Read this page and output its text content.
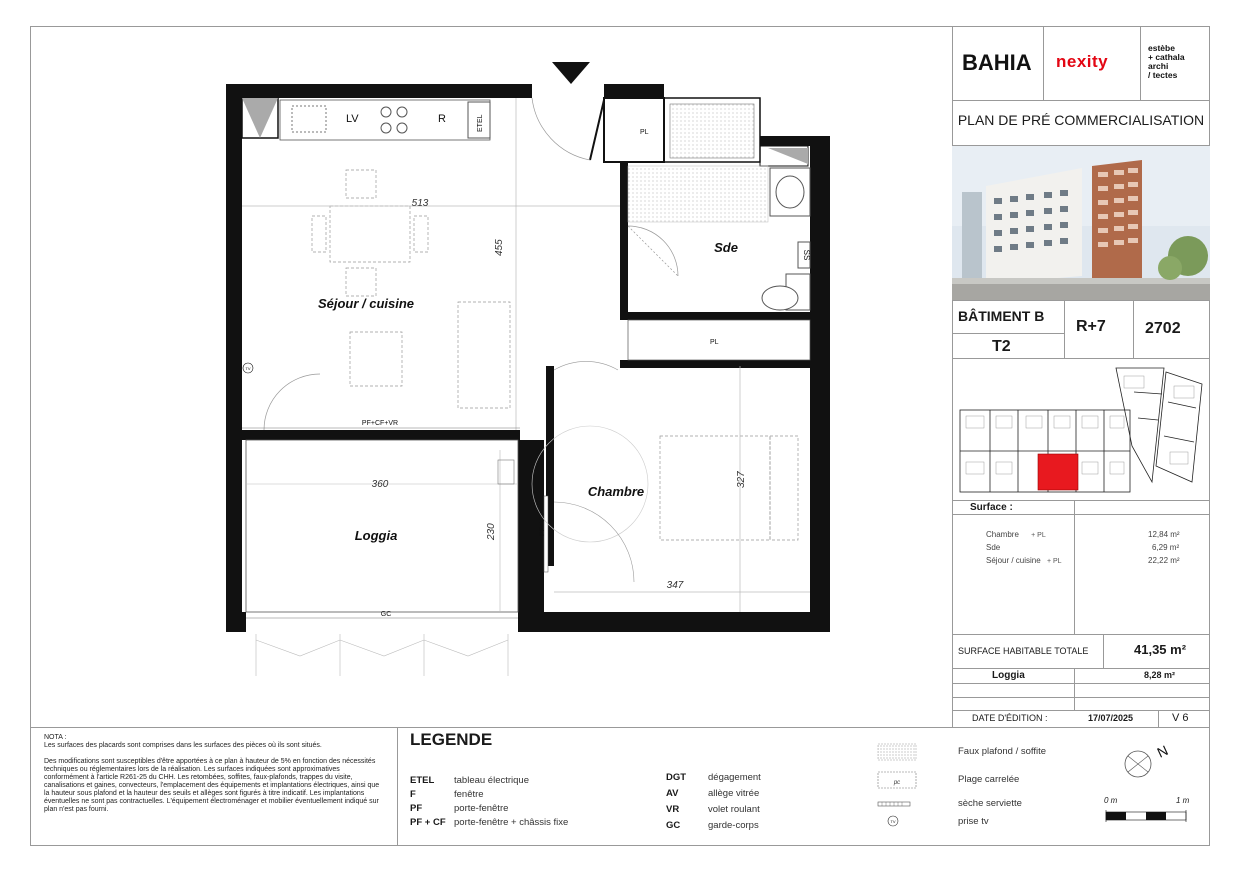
LV	R	ETEL
PL
SS
513
455
Séjour / cuisine
Sde
PL
TV
PF+CF+VR
360
230
Loggia
GC
PF+VR
327
347
Chambre
BAHIA nexity
estèbe
+ cathala
archi
/ tectes
PLAN DE PRÉ COMMERCIALISATION
BÂTIMENT B
R+7 2702
T2
Surface :
Chambre + PL	12,84 m²
Sde	6,29 m²
Séjour / cuisine + PL	22,22 m²
SURFACE HABITABLE TOTALE	41,35 m²
Loggia	8,28 m²
DATE D'ÉDITION :	17/07/2025	V 6
NOTA :
Les surfaces des placards sont comprises dans les surfaces des pièces où ils sont situés.
Des modifications sont susceptibles d'être apportées à ce plan à hauteur de 5% en fonction des nécessités techniques ou réglementaires lors de la réalisation. Les surfaces indiquées sont approximatives conformément à l'article R261-25 du CHH. Les retombées, soffites, faux-plafonds, trappes du visite, canalisations et gaines, convecteurs, l'emplacement des équipements et implantations électriques, ainsi que la hauteur sous plafond et la hauteur des seuils et allèges sont figurés à titre indicatif. Les implantations éventuelles ne sont pas contractuelles. L'équipement électroménager et mobilier éventuellement indiqué sur plan n'est pas fourni.
LEGENDE
ETEL tableau électrique
F	fenêtre
PF	porte-fenêtre
PF + CF porte-fenêtre + châssis fixe
DGT dégagement
AV	allège vitrée
VR	volet roulant
GC	garde-corps
pc
TV
Faux plafond / soffite
Plage carrelée
sèche serviette
prise tv
N
0 m	1 m
